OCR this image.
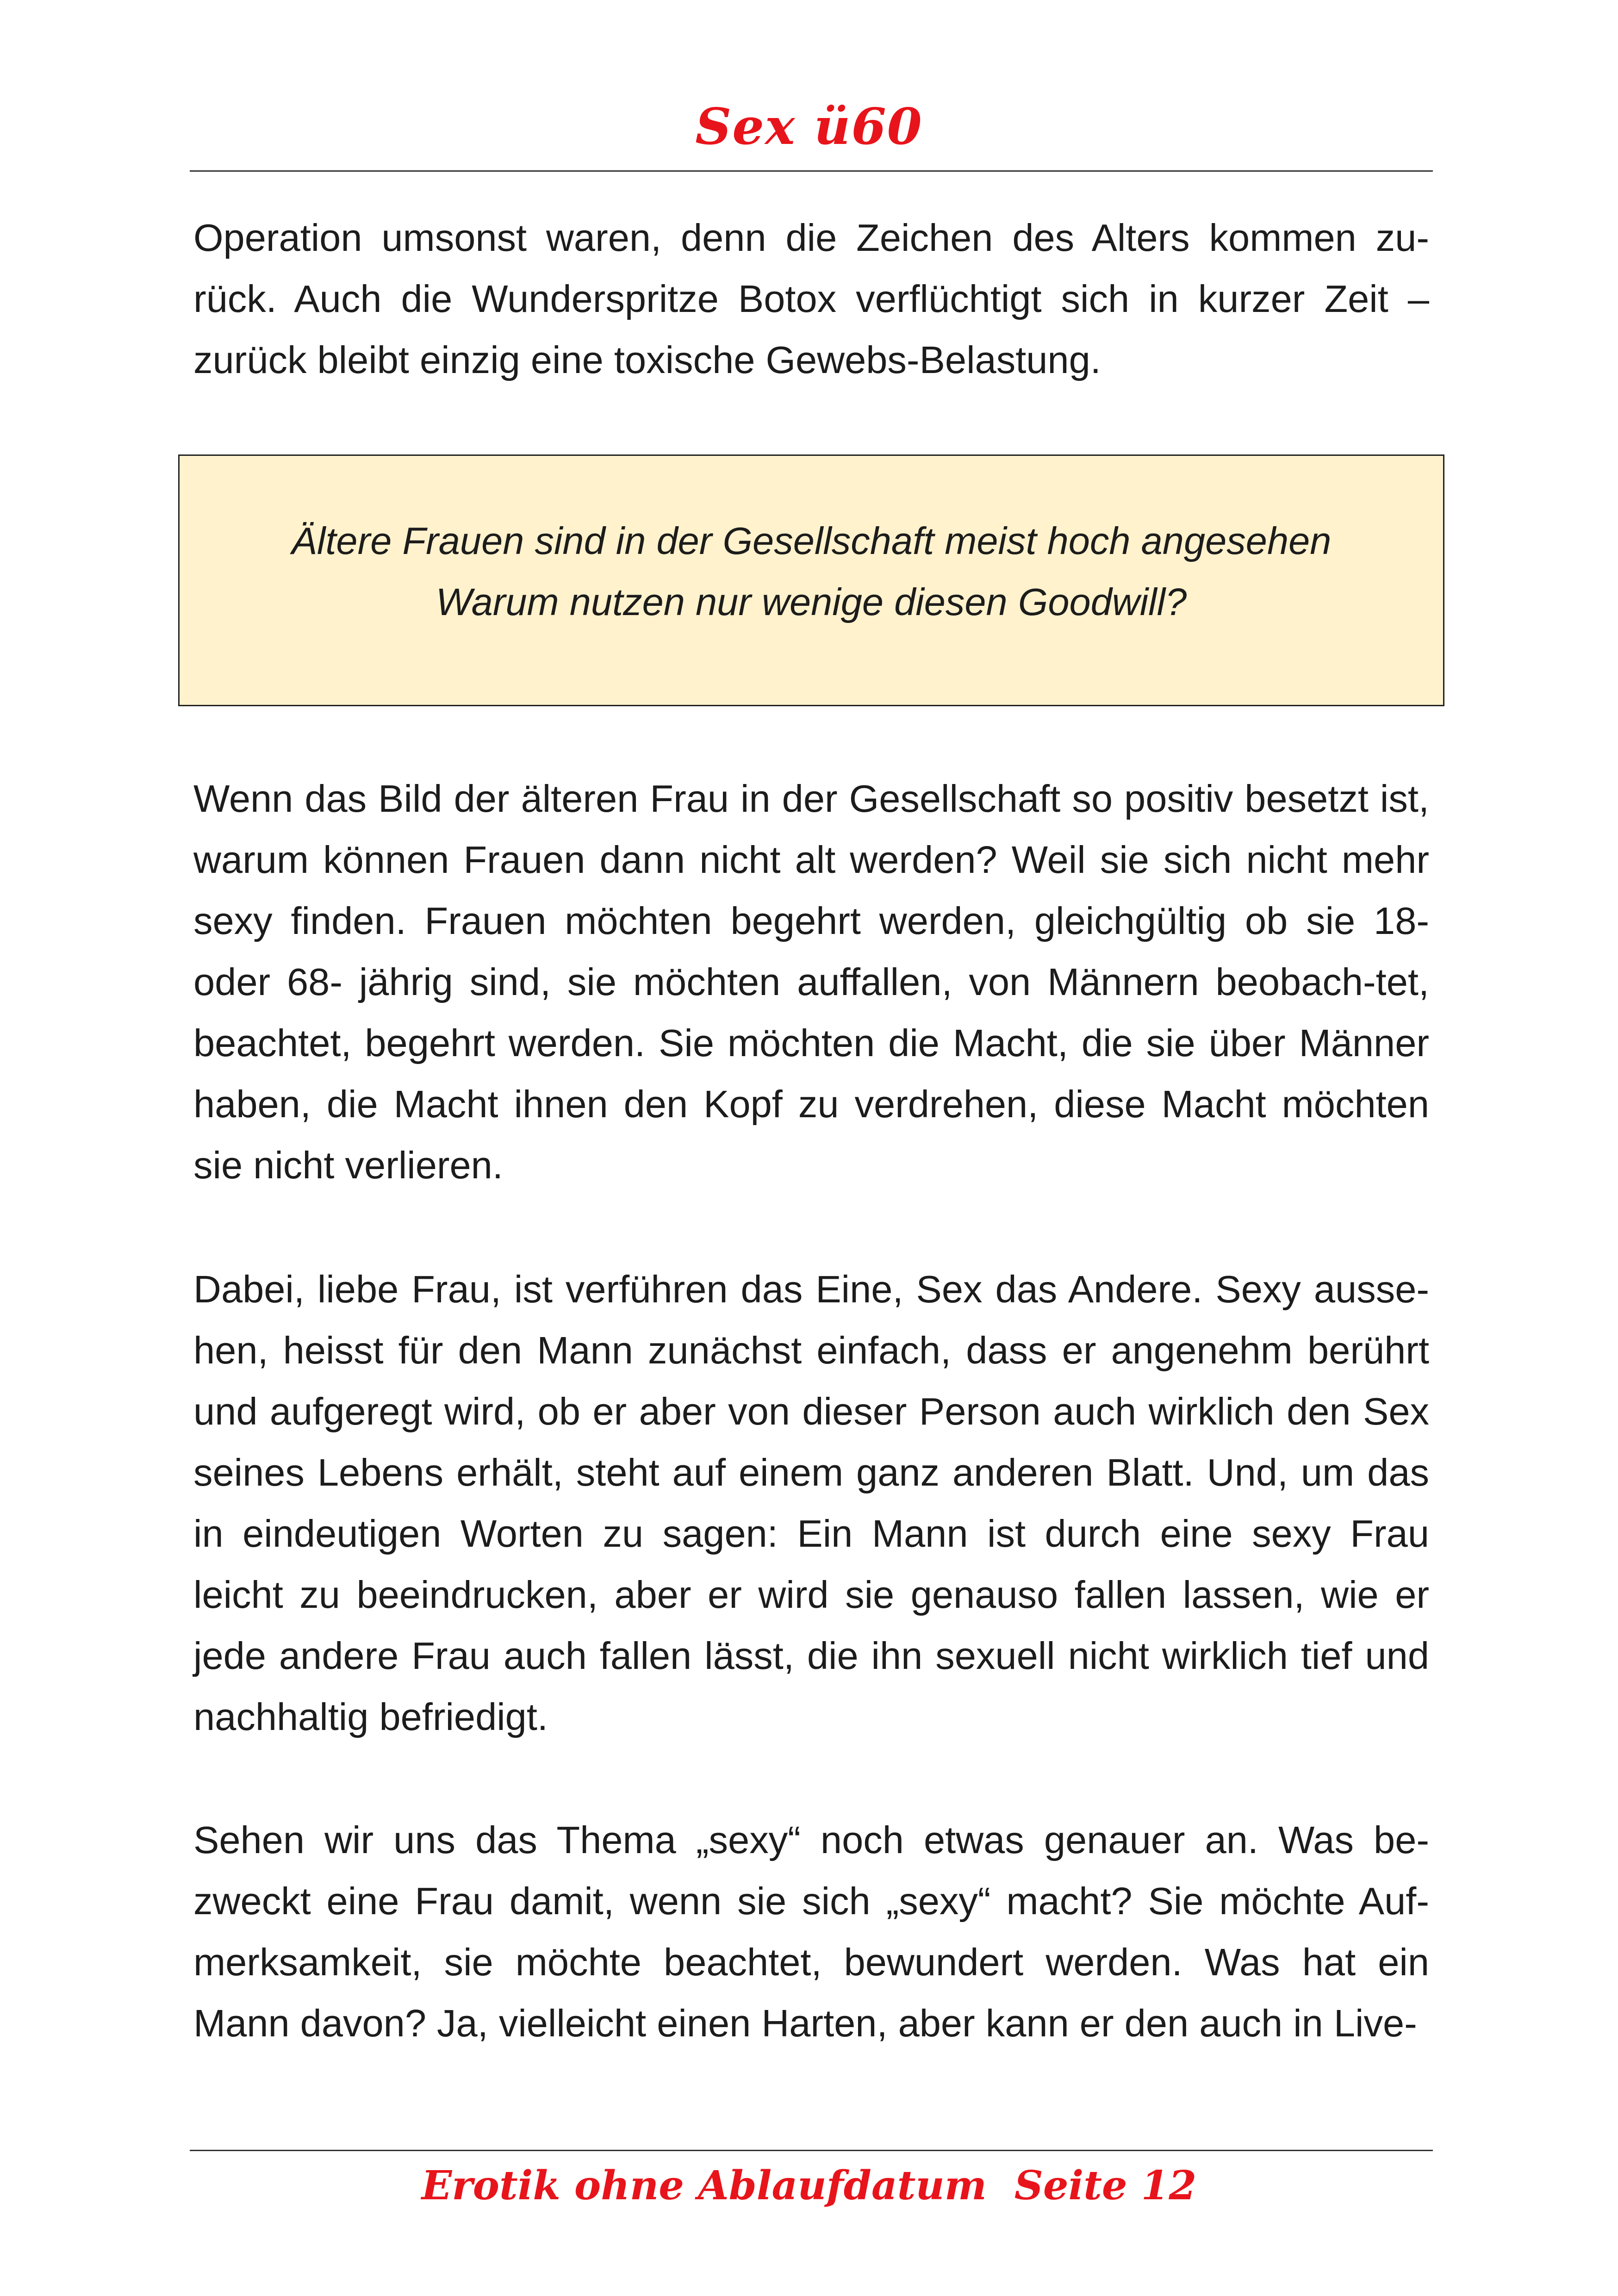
Sex ü60

Operation umsonst waren, denn die Zeichen des Alters kommen zu-rück. Auch die Wunderspritze Botox verflüchtigt sich in kurzer Zeit – zurück bleibt einzig eine toxische Gewebs-Belastung.

Ältere Frauen sind in der Gesellschaft meist hoch angesehen
Warum nutzen nur wenige diesen Goodwill?

Wenn das Bild der älteren Frau in der Gesellschaft so positiv besetzt ist, warum können Frauen dann nicht alt werden? Weil sie sich nicht mehr sexy finden. Frauen möchten begehrt werden, gleichgültig ob sie 18- oder 68- jährig sind, sie möchten auffallen, von Männern beobach-tet, beachtet, begehrt werden. Sie möchten die Macht, die sie über Männer haben, die Macht ihnen den Kopf zu verdrehen, diese Macht möchten sie nicht verlieren.

Dabei, liebe Frau, ist verführen das Eine, Sex das Andere. Sexy ausse-hen, heisst für den Mann zunächst einfach, dass er angenehm berührt und aufgeregt wird, ob er aber von dieser Person auch wirklich den Sex seines Lebens erhält, steht auf einem ganz anderen Blatt. Und, um das in eindeutigen Worten zu sagen: Ein Mann ist durch eine sexy Frau leicht zu beeindrucken, aber er wird sie genauso fallen lassen, wie er jede andere Frau auch fallen lässt, die ihn sexuell nicht wirklich tief und nachhaltig befriedigt.

Sehen wir uns das Thema „sexy“ noch etwas genauer an. Was be-zweckt eine Frau damit, wenn sie sich „sexy“ macht? Sie möchte Auf-merksamkeit, sie möchte beachtet, bewundert werden. Was hat ein Mann davon? Ja, vielleicht einen Harten, aber kann er den auch in Live-

Erotik ohne Ablaufdatum  Seite 12
